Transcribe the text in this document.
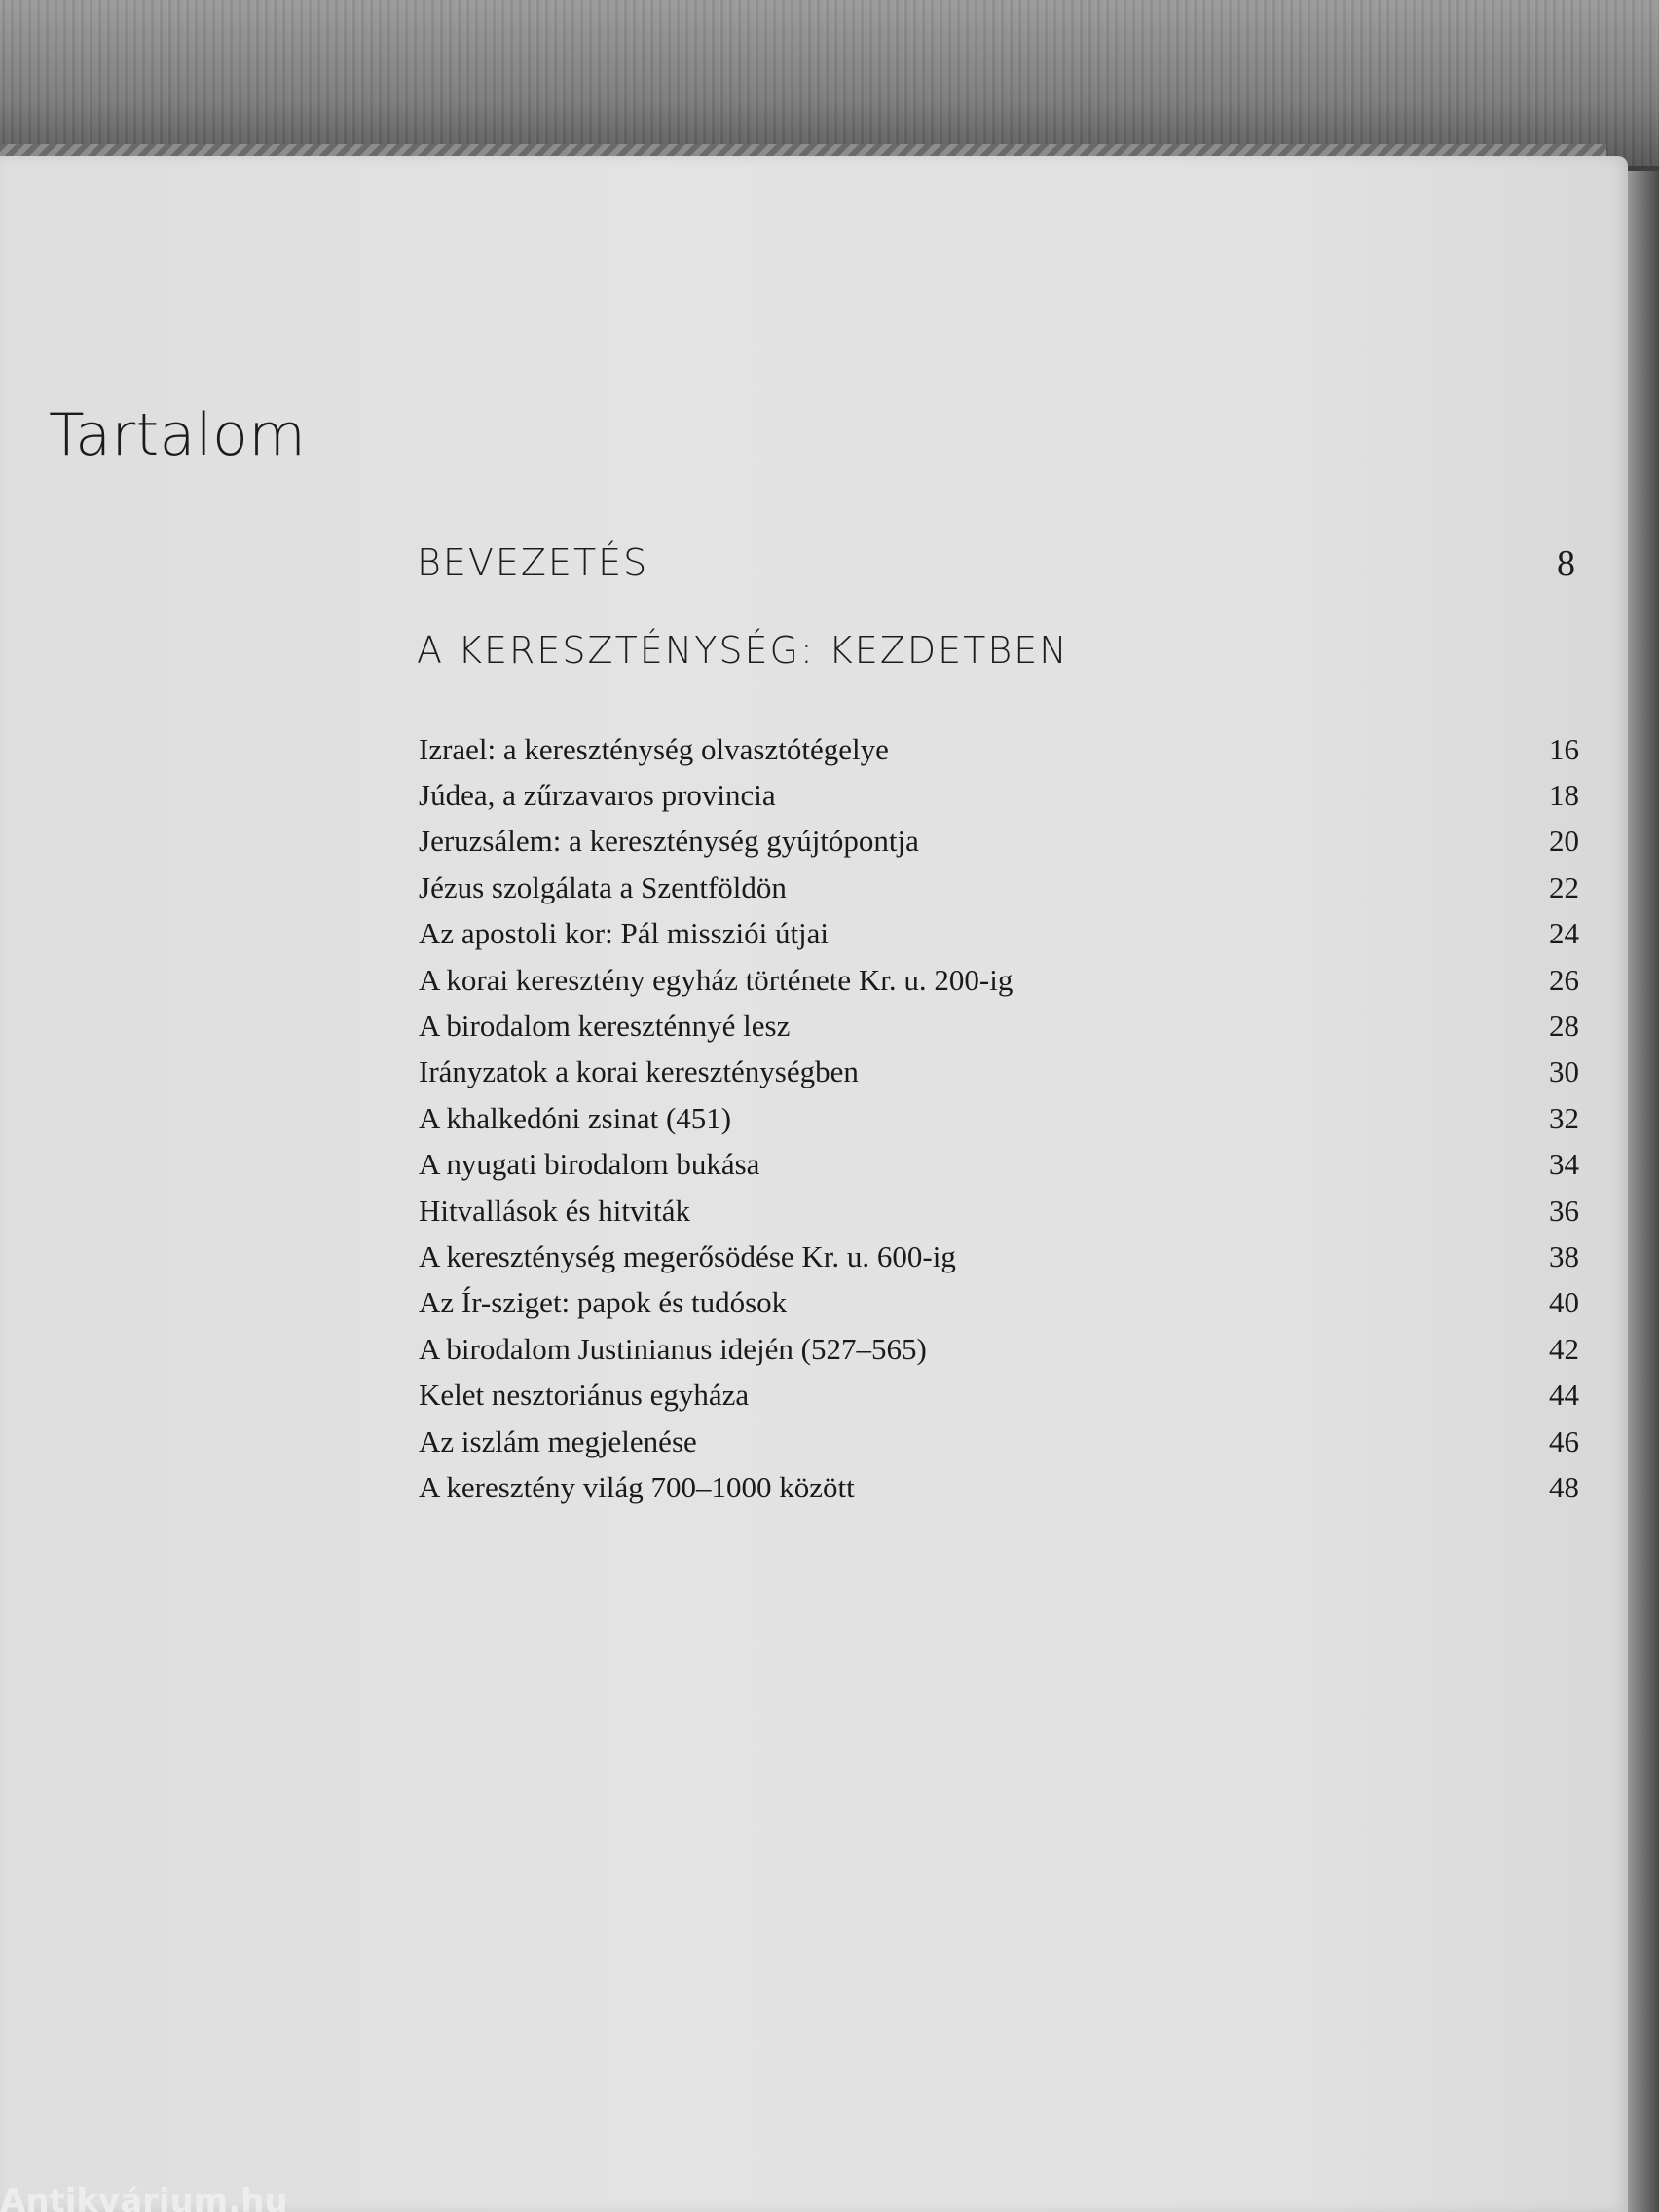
Tartalom
BEVEZETÉS	8
A KERESZTÉNYSÉG: KEZDETBEN
Izrael: a kereszténység olvasztótégelye	16
Júdea, a zűrzavaros provincia	18
Jeruzsálem: a kereszténység gyújtópontja	20
Jézus szolgálata a Szentföldön	22
Az apostoli kor: Pál missziói útjai	24
A korai keresztény egyház története Kr. u. 200-ig	26
A birodalom kereszténnyé lesz	28
Irányzatok a korai kereszténységben	30
A khalkedóni zsinat (451)	32
A nyugati birodalom bukása	34
Hitvallások és hitviták	36
A kereszténység megerősödése Kr. u. 600-ig	38
Az Ír-sziget: papok és tudósok	40
A birodalom Justinianus idején (527–565)	42
Kelet nesztoriánus egyháza	44
Az iszlám megjelenése	46
A keresztény világ 700–1000 között	48
Antikvárium.hu
